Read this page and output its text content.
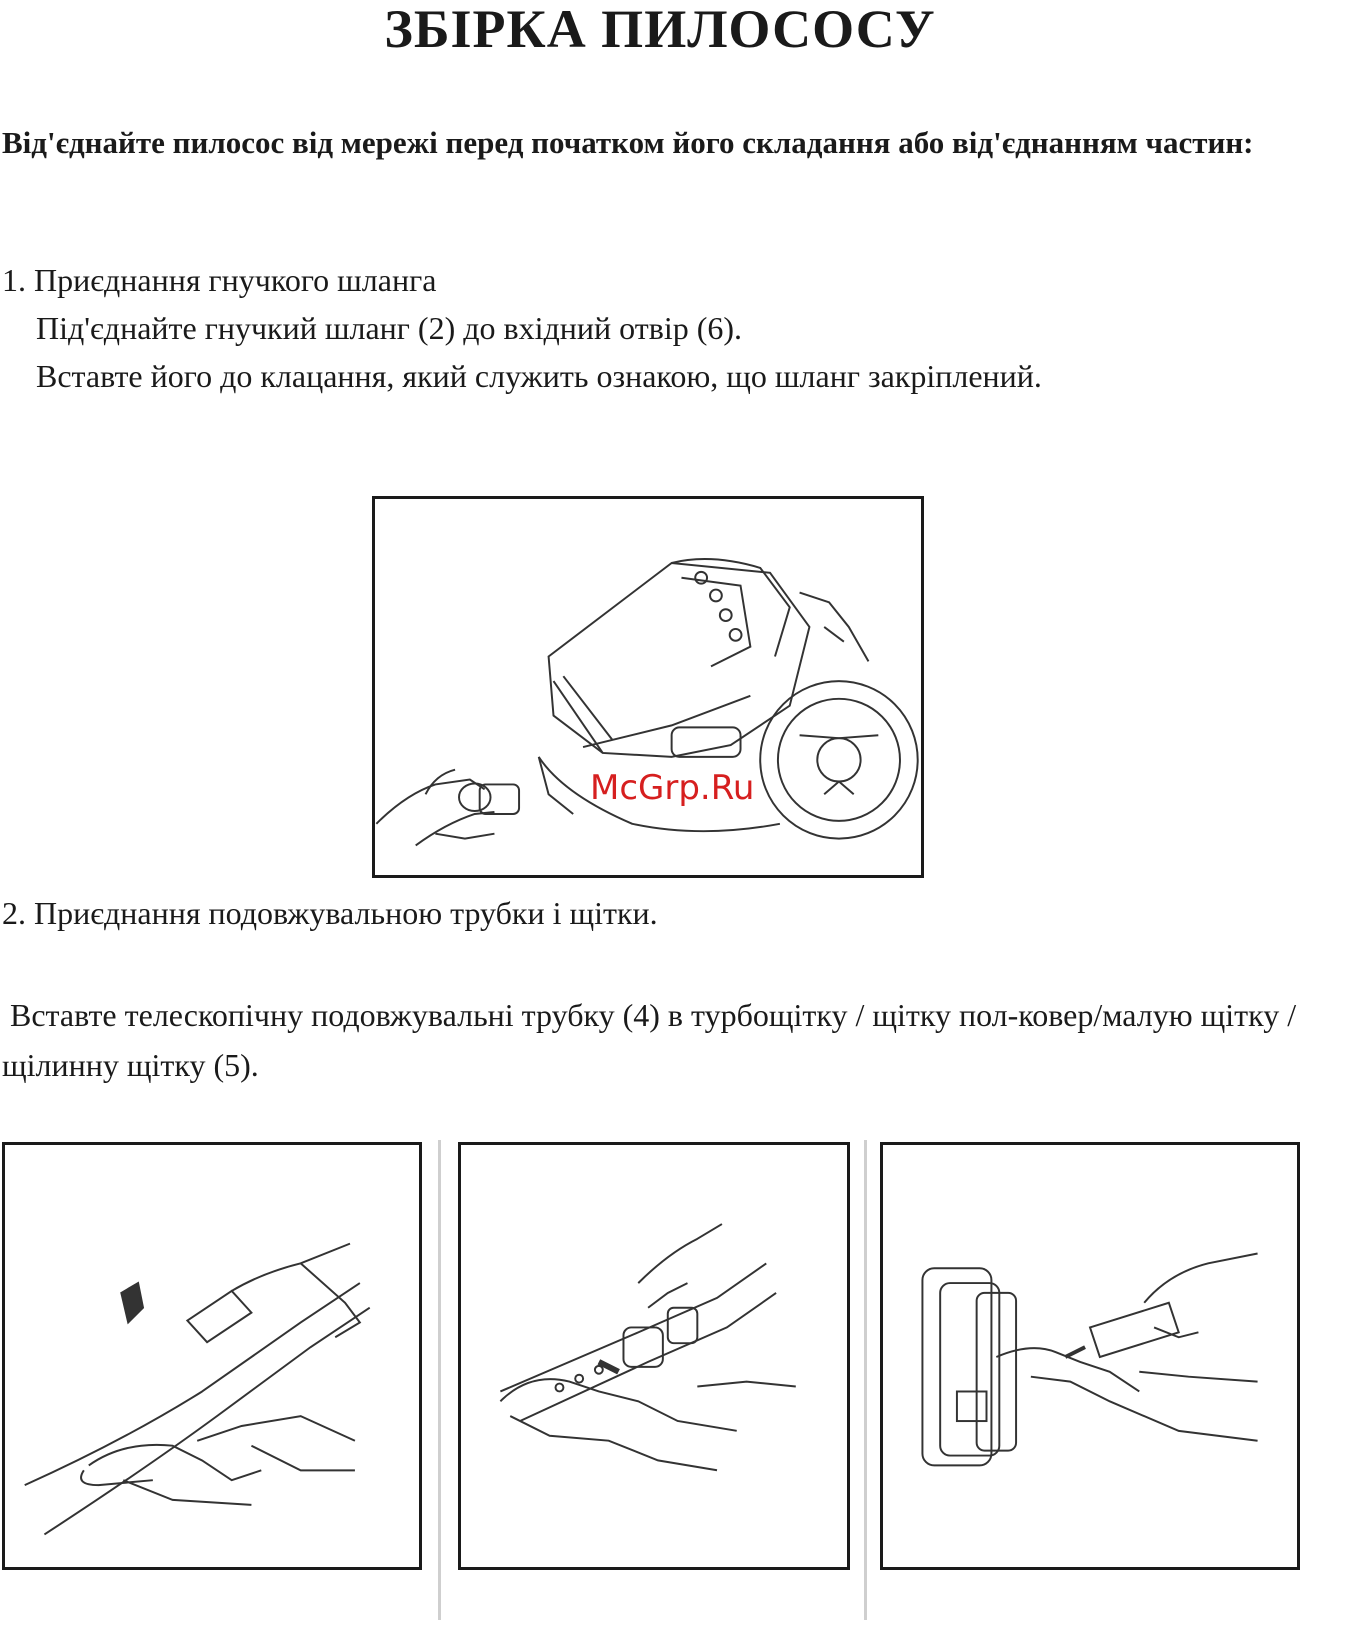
ЗБІРКА ПИЛОСОСУ

Від'єднайте пилосос від мережі перед початком його складання або від'єднанням частин:

1. Приєднання гнучкого шланга

Під'єднайте гнучкий шланг (2) до вхідний отвір (6).

Вставте його до клацання, який служить ознакою, що шланг закріплений.

McGrp.Ru

2. Приєднання подовжувальною трубки і щітки.

Вставте телескопічну подовжувальні трубку (4) в турбощітку / щітку пол-ковер/малую щітку / щілинну щітку (5).
